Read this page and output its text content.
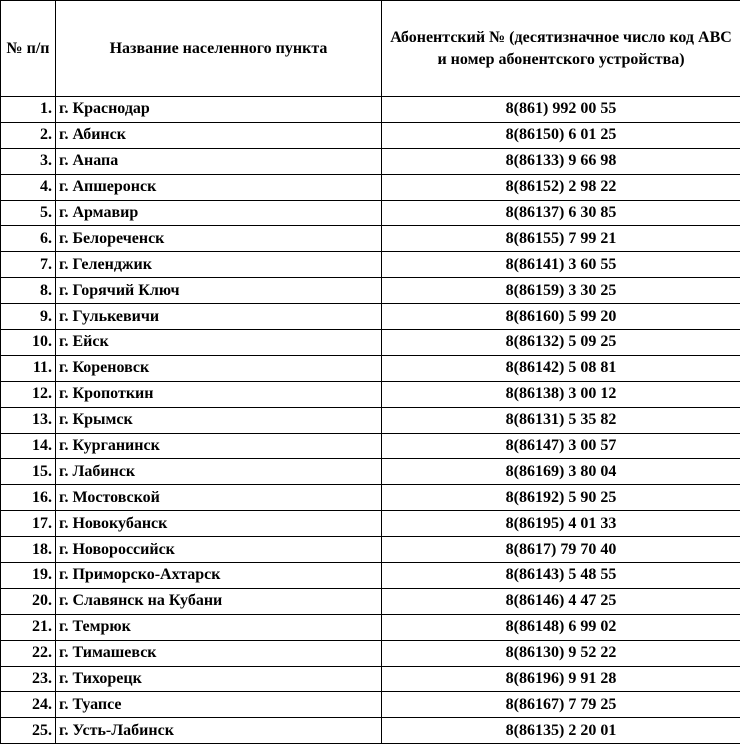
№ п/п	Название населенного пункта	Абонентский № (десятизначное число код АВС и номер абонентского устройства)
1.	г. Краснодар	8(861) 992 00 55
2.	г. Абинск	8(86150) 6 01 25
3.	г. Анапа	8(86133) 9 66 98
4.	г. Апшеронск	8(86152) 2 98 22
5.	г. Армавир	8(86137) 6 30 85
6.	г. Белореченск	8(86155) 7 99 21
7.	г. Геленджик	8(86141) 3 60 55
8.	г. Горячий Ключ	8(86159) 3 30 25
9.	г. Гулькевичи	8(86160) 5 99 20
10.	г. Ейск	8(86132) 5 09 25
11.	г. Кореновск	8(86142) 5 08 81
12.	г. Кропоткин	8(86138) 3 00 12
13.	г. Крымск	8(86131) 5 35 82
14.	г. Курганинск	8(86147) 3 00 57
15.	г. Лабинск	8(86169) 3 80 04
16.	г. Мостовской	8(86192) 5 90 25
17.	г. Новокубанск	8(86195) 4 01 33
18.	г. Новороссийск	8(8617) 79 70 40
19.	г. Приморско-Ахтарск	8(86143) 5 48 55
20.	г. Славянск на Кубани	8(86146) 4 47 25
21.	г. Темрюк	8(86148) 6 99 02
22.	г. Тимашевск	8(86130) 9 52 22
23.	г. Тихорецк	8(86196) 9 91 28
24.	г. Туапсе	8(86167) 7 79 25
25.	г. Усть-Лабинск	8(86135) 2 20 01
